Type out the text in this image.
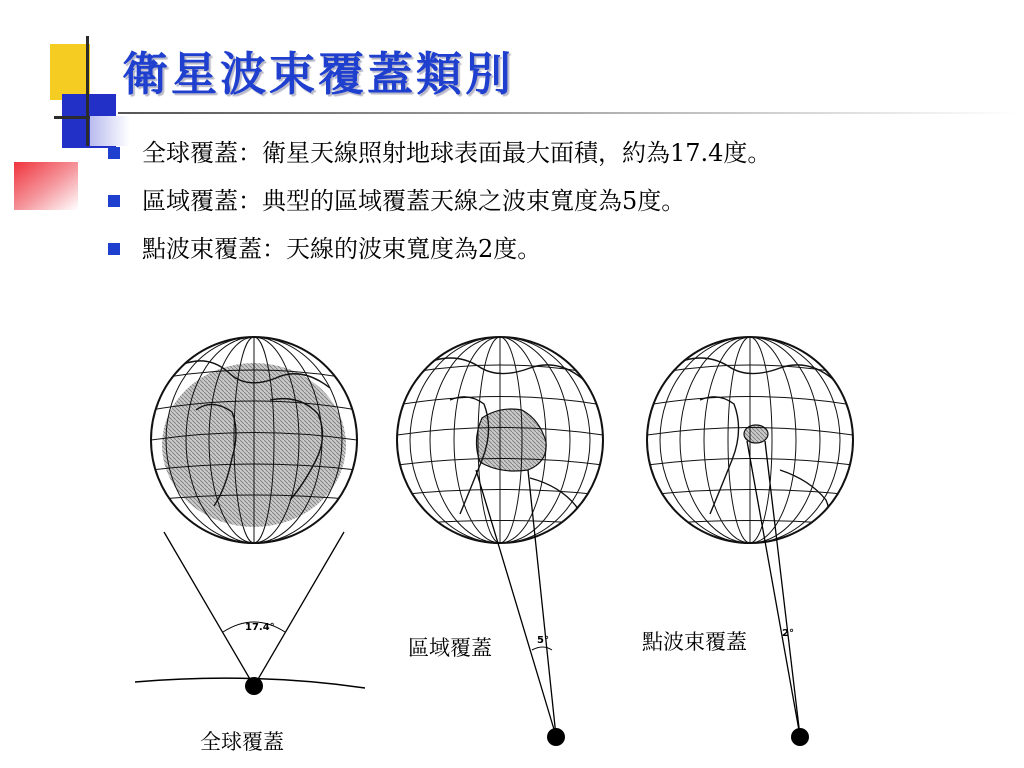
衛星波束覆蓋類別
全球覆蓋：衛星天線照射地球表面最大面積，約為17.4度。
區域覆蓋：典型的區域覆蓋天線之波束寬度為5度。
點波束覆蓋：天線的波束寬度為2度。
17.4°
5°
2°
全球覆蓋
區域覆蓋	點波束覆蓋
